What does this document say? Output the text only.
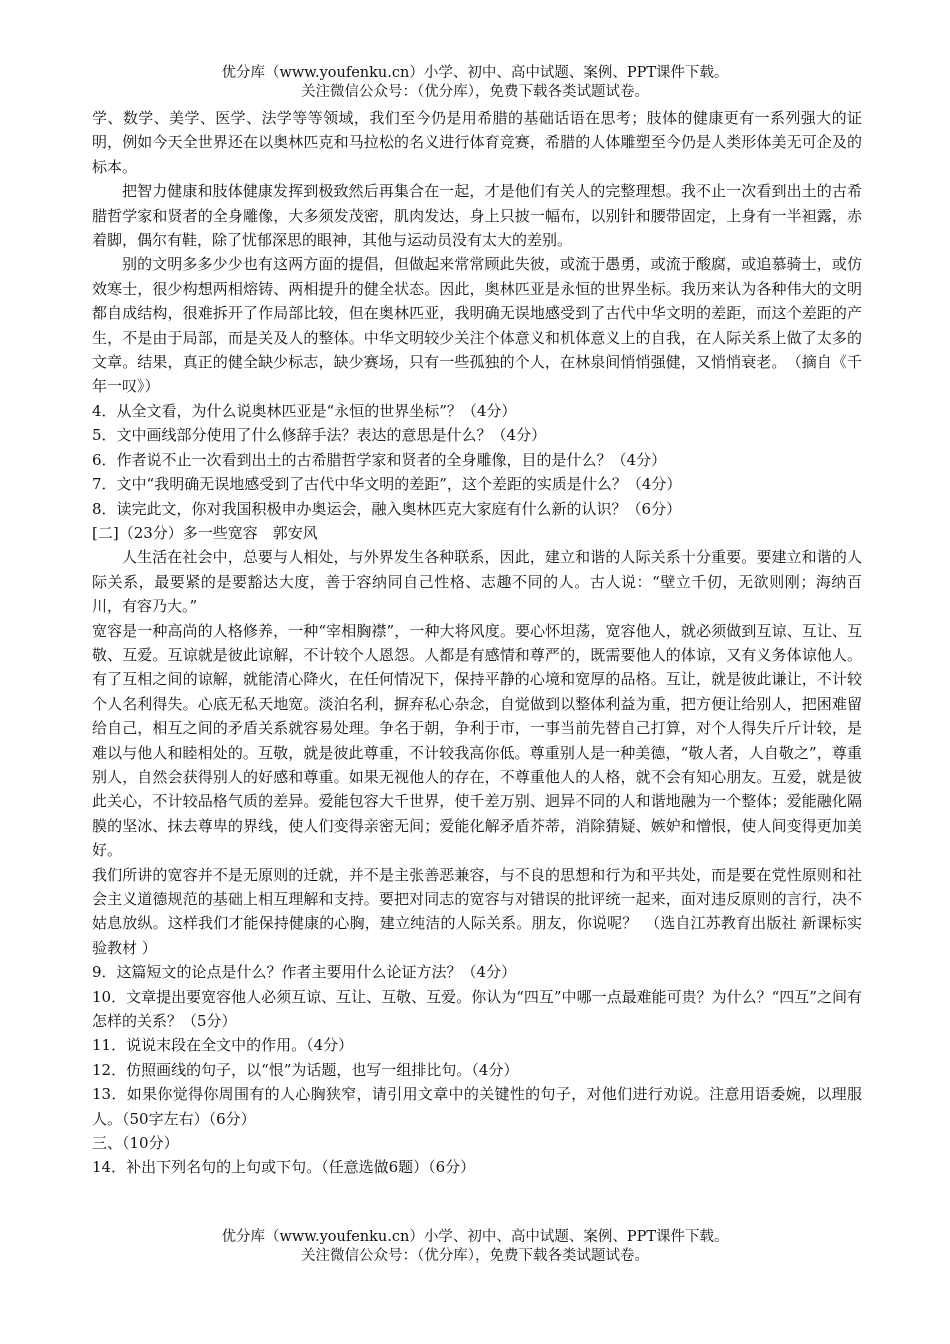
优分库（www.youfenku.cn）小学、初中、高中试题、案例、PPT课件下载。
关注微信公众号：（优分库），免费下载各类试题试卷。

学、数学、美学、医学、法学等等领域，我们至今仍是用希腊的基础话语在思考；肢体的健康更有一系列强大的证明，例如今天全世界还在以奥林匹克和马拉松的名义进行体育竞赛，希腊的人体雕塑至今仍是人类形体美无可企及的标本。

把智力健康和肢体健康发挥到极致然后再集合在一起，才是他们有关人的完整理想。我不止一次看到出土的古希腊哲学家和贤者的全身雕像，大多须发茂密，肌肉发达，身上只披一幅布，以别针和腰带固定，上身有一半袒露，赤着脚，偶尔有鞋，除了忧郁深思的眼神，其他与运动员没有太大的差别。

别的文明多多少少也有这两方面的提倡，但做起来常常顾此失彼，或流于愚勇，或流于酸腐，或追慕骑士，或仿效寒士，很少构想两相熔铸、两相提升的健全状态。因此，奥林匹亚是永恒的世界坐标。我历来认为各种伟大的文明都自成结构，很难拆开了作局部比较，但在奥林匹亚，我明确无误地感受到了古代中华文明的差距，而这个差距的产生，不是由于局部，而是关及人的整体。中华文明较少关注个体意义和机体意义上的自我，在人际关系上做了太多的文章。结果，真正的健全缺少标志，缺少赛场，只有一些孤独的个人，在林泉间悄悄强健，又悄悄衰老。　（摘自《千年一叹》）

4．从全文看，为什么说奥林匹亚是“永恒的世界坐标”？（4分）

5．文中画线部分使用了什么修辞手法？表达的意思是什么？（4分）

6．作者说不止一次看到出土的古希腊哲学家和贤者的全身雕像，目的是什么？（4分）

7．文中“我明确无误地感受到了古代中华文明的差距”，这个差距的实质是什么？（4分）

8．读完此文，你对我国积极申办奥运会，融入奥林匹克大家庭有什么新的认识？（6分）

[二]（23分）多一些宽容　郭安风

人生活在社会中，总要与人相处，与外界发生各种联系，因此，建立和谐的人际关系十分重要。要建立和谐的人际关系，最要紧的是要豁达大度，善于容纳同自己性格、志趣不同的人。古人说：“壁立千仞，无欲则刚；海纳百川，有容乃大。”

宽容是一种高尚的人格修养，一种“宰相胸襟”，一种大将风度。要心怀坦荡，宽容他人，就必须做到互谅、互让、互敬、互爱。互谅就是彼此谅解，不计较个人恩怨。人都是有感情和尊严的，既需要他人的体谅，又有义务体谅他人。有了互相之间的谅解，就能清心降火，在任何情况下，保持平静的心境和宽厚的品格。互让，就是彼此谦让，不计较个人名利得失。心底无私天地宽。淡泊名利，摒弃私心杂念，自觉做到以整体利益为重，把方便让给别人，把困难留给自己，相互之间的矛盾关系就容易处理。争名于朝，争利于市，一事当前先替自己打算，对个人得失斤斤计较，是难以与他人和睦相处的。互敬，就是彼此尊重，不计较我高你低。尊重别人是一种美德，“敬人者，人自敬之”，尊重别人，自然会获得别人的好感和尊重。如果无视他人的存在，不尊重他人的人格，就不会有知心朋友。互爱，就是彼此关心，不计较品格气质的差异。爱能包容大千世界，使千差万别、迥异不同的人和谐地融为一个整体；爱能融化隔膜的坚冰、抹去尊卑的界线，使人们变得亲密无间；爱能化解矛盾芥蒂，消除猜疑、嫉妒和憎恨，使人间变得更加美好。

我们所讲的宽容并不是无原则的迁就，并不是主张善恶兼容，与不良的思想和行为和平共处，而是要在党性原则和社会主义道德规范的基础上相互理解和支持。要把对同志的宽容与对错误的批评统一起来，面对违反原则的言行，决不姑息放纵。这样我们才能保持健康的心胸，建立纯洁的人际关系。朋友，你说呢？　（选自江苏教育出版社 新课标实验教材 ）

9．这篇短文的论点是什么？作者主要用什么论证方法？（4分）

10．文章提出要宽容他人必须互谅、互让、互敬、互爱。你认为“四互”中哪一点最难能可贵？为什么？“四互”之间有怎样的关系？（5分）

11．说说末段在全文中的作用。（4分）

12．仿照画线的句子，以“恨”为话题，也写一组排比句。（4分）

13．如果你觉得你周围有的人心胸狭窄，请引用文章中的关键性的句子，对他们进行劝说。注意用语委婉，以理服人。（50字左右）（6分）

三、（10分）

14．补出下列名句的上句或下句。（任意选做6题）（6分）

优分库（www.youfenku.cn）小学、初中、高中试题、案例、PPT课件下载。
关注微信公众号：（优分库），免费下载各类试题试卷。
